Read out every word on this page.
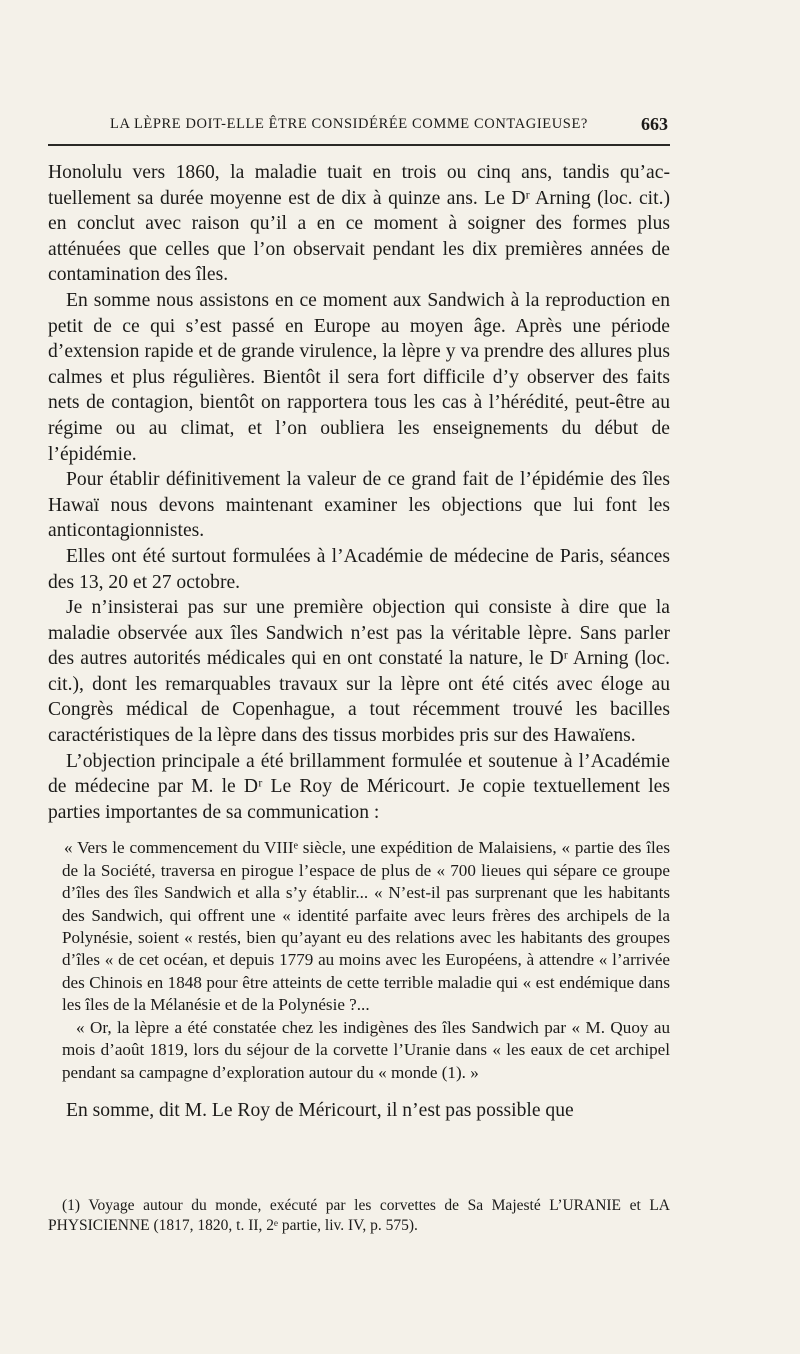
LA LÈPRE DOIT-ELLE ÊTRE CONSIDÉRÉE COMME CONTAGIEUSE?	663

Honolulu vers 1860, la maladie tuait en trois ou cinq ans, tandis qu’actuellement sa durée moyenne est de dix à quinze ans. Le Dʳ Arning (loc. cit.) en conclut avec raison qu’il a en ce moment à soigner des formes plus atténuées que celles que l’on observait pendant les dix premières années de contamination des îles.

En somme nous assistons en ce moment aux Sandwich à la reproduction en petit de ce qui s’est passé en Europe au moyen âge. Après une période d’extension rapide et de grande virulence, la lèpre y va prendre des allures plus calmes et plus régulières. Bientôt il sera fort difficile d’y observer des faits nets de contagion, bientôt on rapportera tous les cas à l’hérédité, peut-être au régime ou au climat, et l’on oubliera les enseignements du début de l’épidémie.

Pour établir définitivement la valeur de ce grand fait de l’épidémie des îles Hawaï nous devons maintenant examiner les objections que lui font les anticontagionnistes.

Elles ont été surtout formulées à l’Académie de médecine de Paris, séances des 13, 20 et 27 octobre.

Je n’insisterai pas sur une première objection qui consiste à dire que la maladie observée aux îles Sandwich n’est pas la véritable lèpre. Sans parler des autres autorités médicales qui en ont constaté la nature, le Dʳ Arning (loc. cit.), dont les remarquables travaux sur la lèpre ont été cités avec éloge au Congrès médical de Copenhague, a tout récemment trouvé les bacilles caractéristiques de la lèpre dans des tissus morbides pris sur des Hawaïens.

L’objection principale a été brillamment formulée et soutenue à l’Académie de médecine par M. le Dʳ Le Roy de Méricourt. Je copie textuellement les parties importantes de sa communication :

« Vers le commencement du VIIIᵉ siècle, une expédition de Malaisiens, « partie des îles de la Société, traversa en pirogue l’espace de plus de « 700 lieues qui sépare ce groupe d’îles des îles Sandwich et alla s’y établir... « N’est-il pas surprenant que les habitants des Sandwich, qui offrent une « identité parfaite avec leurs frères des archipels de la Polynésie, soient « restés, bien qu’ayant eu des relations avec les habitants des groupes d’îles « de cet océan, et depuis 1779 au moins avec les Européens, à attendre « l’arrivée des Chinois en 1848 pour être atteints de cette terrible maladie qui « est endémique dans les îles de la Mélanésie et de la Polynésie ?...

« Or, la lèpre a été constatée chez les indigènes des îles Sandwich par « M. Quoy au mois d’août 1819, lors du séjour de la corvette l’Uranie dans « les eaux de cet archipel pendant sa campagne d’exploration autour du « monde (1). »

En somme, dit M. Le Roy de Méricourt, il n’est pas possible que

(1) Voyage autour du monde, exécuté par les corvettes de Sa Majesté L’URANIE et LA PHYSICIENNE (1817, 1820, t. II, 2ᵉ partie, liv. IV, p. 575).
